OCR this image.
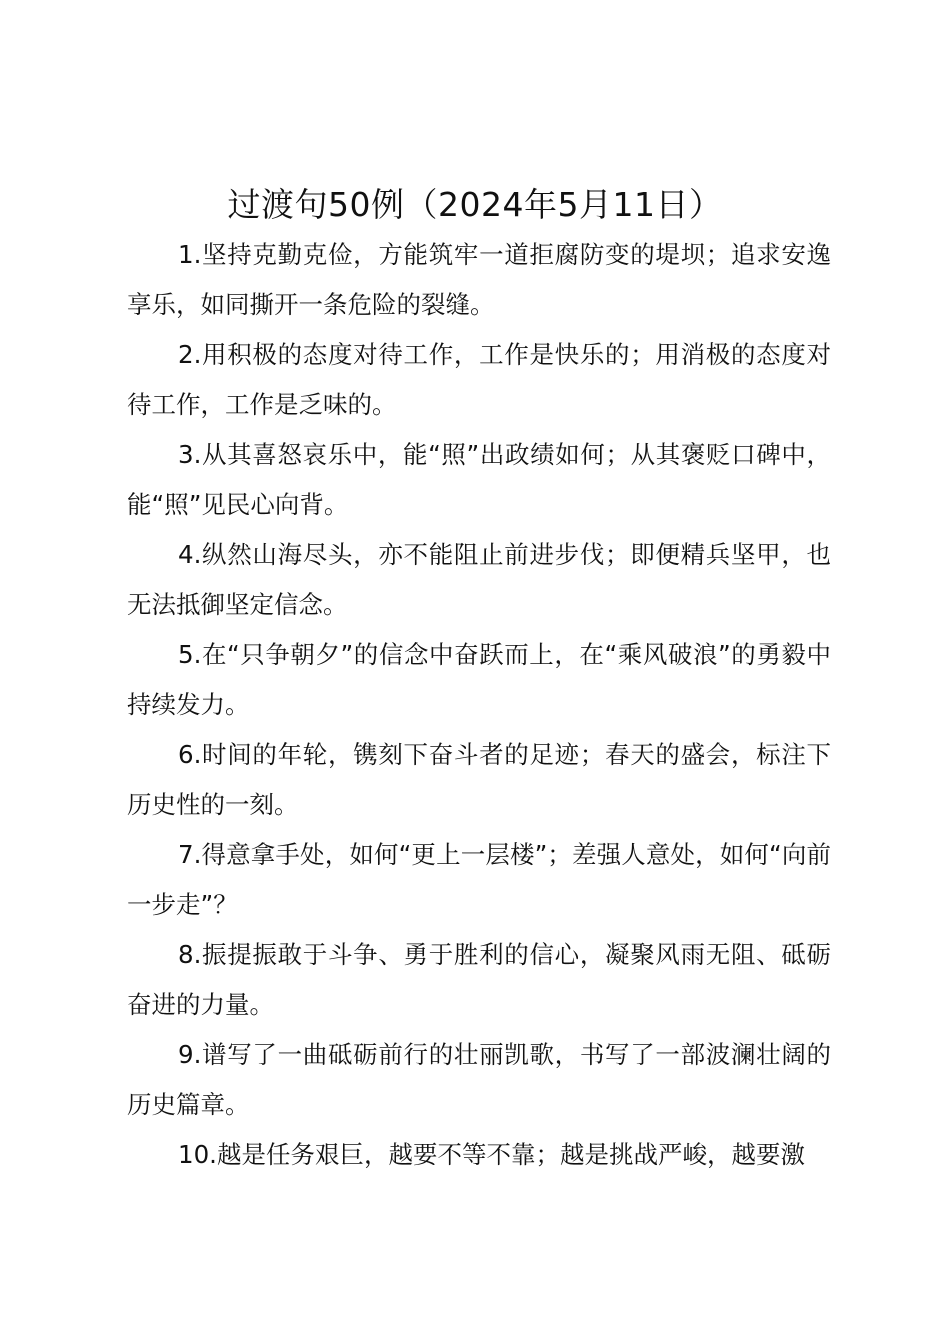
过渡句50例（2024年5月11日）

1.坚持克勤克俭，方能筑牢一道拒腐防变的堤坝；追求安逸享乐，如同撕开一条危险的裂缝。

2.用积极的态度对待工作，工作是快乐的；用消极的态度对待工作，工作是乏味的。

3.从其喜怒哀乐中，能“照”出政绩如何；从其褒贬口碑中，能“照”见民心向背。

4.纵然山海尽头，亦不能阻止前进步伐；即便精兵坚甲，也无法抵御坚定信念。

5.在“只争朝夕”的信念中奋跃而上，在“乘风破浪”的勇毅中持续发力。

6.时间的年轮，镌刻下奋斗者的足迹；春天的盛会，标注下历史性的一刻。

7.得意拿手处，如何“更上一层楼”；差强人意处，如何“向前一步走”？

8.振提振敢于斗争、勇于胜利的信心，凝聚风雨无阻、砥砺奋进的力量。

9.谱写了一曲砥砺前行的壮丽凯歌，书写了一部波澜壮阔的历史篇章。

10.越是任务艰巨，越要不等不靠；越是挑战严峻，越要激
